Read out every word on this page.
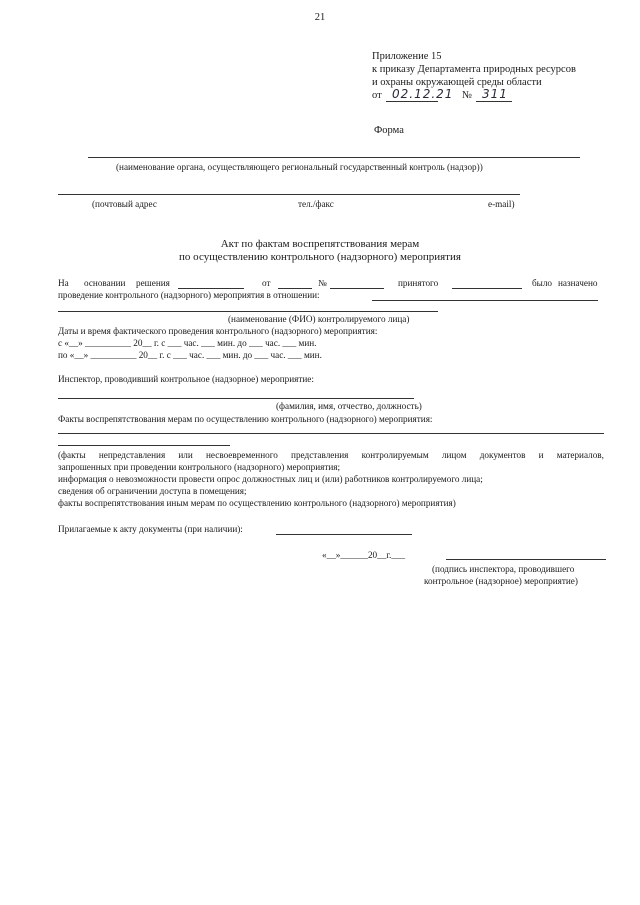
21
Приложение 15
к приказу Департамента природных ресурсов
и охраны окружающей среды области
от 02.12.21 № 311
Форма
(наименование органа, осуществляющего региональный государственный контроль (надзор))
(почтовый адрес	тел./факс	e-mail)
Акт по фактам воспрепятствования мерам
по осуществлению контрольного (надзорного) мероприятия
На основании решения	от	№	принятого	было назначено
проведение контрольного (надзорного) мероприятия в отношении:
(наименование (ФИО) контролируемого лица)
Даты и время фактического проведения контрольного (надзорного) мероприятия:
с «__» __________ 20__ г. с ___ час. ___ мин. до ___ час. ___ мин.
по «__» __________ 20__ г. с ___ час. ___ мин. до ___ час. ___ мин.
Инспектор, проводивший контрольное (надзорное) мероприятие:
(фамилия, имя, отчество, должность)
Факты воспрепятствования мерам по осуществлению контрольного (надзорного) мероприятия:
(факты непредставления или несвоевременного представления контролируемым лицом документов и материалов,
запрошенных при проведении контрольного (надзорного) мероприятия;
информация о невозможности провести опрос должностных лиц и (или) работников контролируемого лица;
сведения об ограничении доступа в помещения;
факты воспрепятствования иным мерам по осуществлению контрольного (надзорного) мероприятия)
Прилагаемые к акту документы (при наличии):
«__»______20__г.___
(подпись инспектора, проводившего
контрольное (надзорное) мероприятие)
